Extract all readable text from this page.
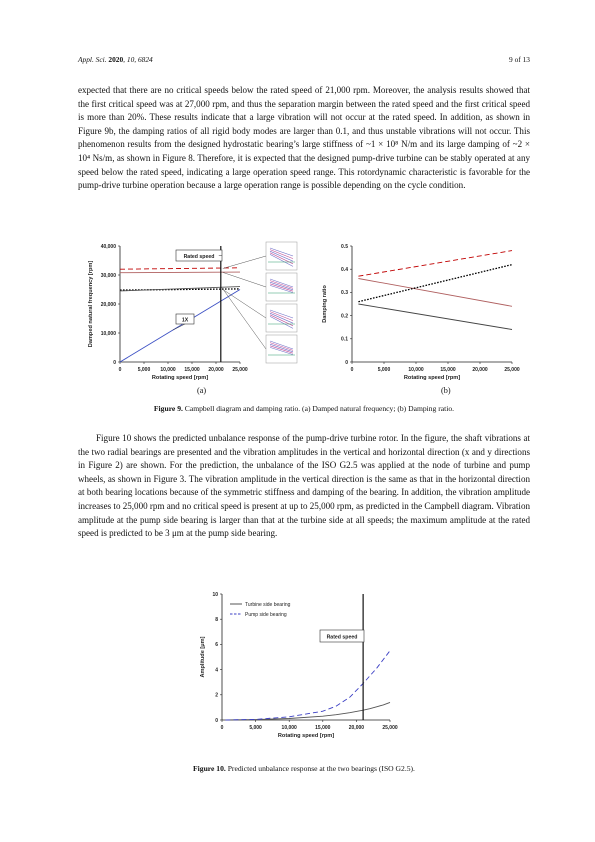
Appl. Sci. 2020, 10, 6824	9 of 13

expected that there are no critical speeds below the rated speed of 21,000 rpm. Moreover, the analysis results showed that the first critical speed was at 27,000 rpm, and thus the separation margin between the rated speed and the first critical speed is more than 20%. These results indicate that a large vibration will not occur at the rated speed. In addition, as shown in Figure 9b, the damping ratios of all rigid body modes are larger than 0.1, and thus unstable vibrations will not occur. This phenomenon results from the designed hydrostatic bearing’s large stiffness of ~1 × 10⁸ N/m and its large damping of ~2 × 10⁴ Ns/m, as shown in Figure 8. Therefore, it is expected that the designed pump-drive turbine can be stably operated at any speed below the rated speed, indicating a large operation speed range. This rotordynamic characteristic is favorable for the pump-drive turbine operation because a large operation range is possible depending on the cycle condition.

0	5,000 10,000 15,000 20,000 25,000
0
10,000
20,000
30,000
40,000
Rotating speed [rpm]
Damped natural frequency [rpm]
Rated speed
1X
0	5,000	10,000	15,000	20,000	25,000
0
0.1
0.2
0.3
0.4
0.5
Rotating speed [rpm]
Damping ratio
(a)	(b)
Figure 9. Campbell diagram and damping ratio. (a) Damped natural frequency; (b) Damping ratio.

Figure 10 shows the predicted unbalance response of the pump-drive turbine rotor. In the figure, the shaft vibrations at the two radial bearings are presented and the vibration amplitudes in the vertical and horizontal direction (x and y directions in Figure 2) are shown. For the prediction, the unbalance of the ISO G2.5 was applied at the node of turbine and pump wheels, as shown in Figure 3. The vibration amplitude in the vertical direction is the same as that in the horizontal direction at both bearing locations because of the symmetric stiffness and damping of the bearing. In addition, the vibration amplitude increases to 25,000 rpm and no critical speed is present at up to 25,000 rpm, as predicted in the Campbell diagram. Vibration amplitude at the pump side bearing is larger than that at the turbine side at all speeds; the maximum amplitude at the rated speed is predicted to be 3 μm at the pump side bearing.

0	5,000	10,000	15,000	20,000	25,000
0
2
4
6
8
10
Rotating speed [rpm]
Amplitude [μm]	Rated speed
Turbine side bearing
Pump side bearing
Figure 10. Predicted unbalance response at the two bearings (ISO G2.5).
